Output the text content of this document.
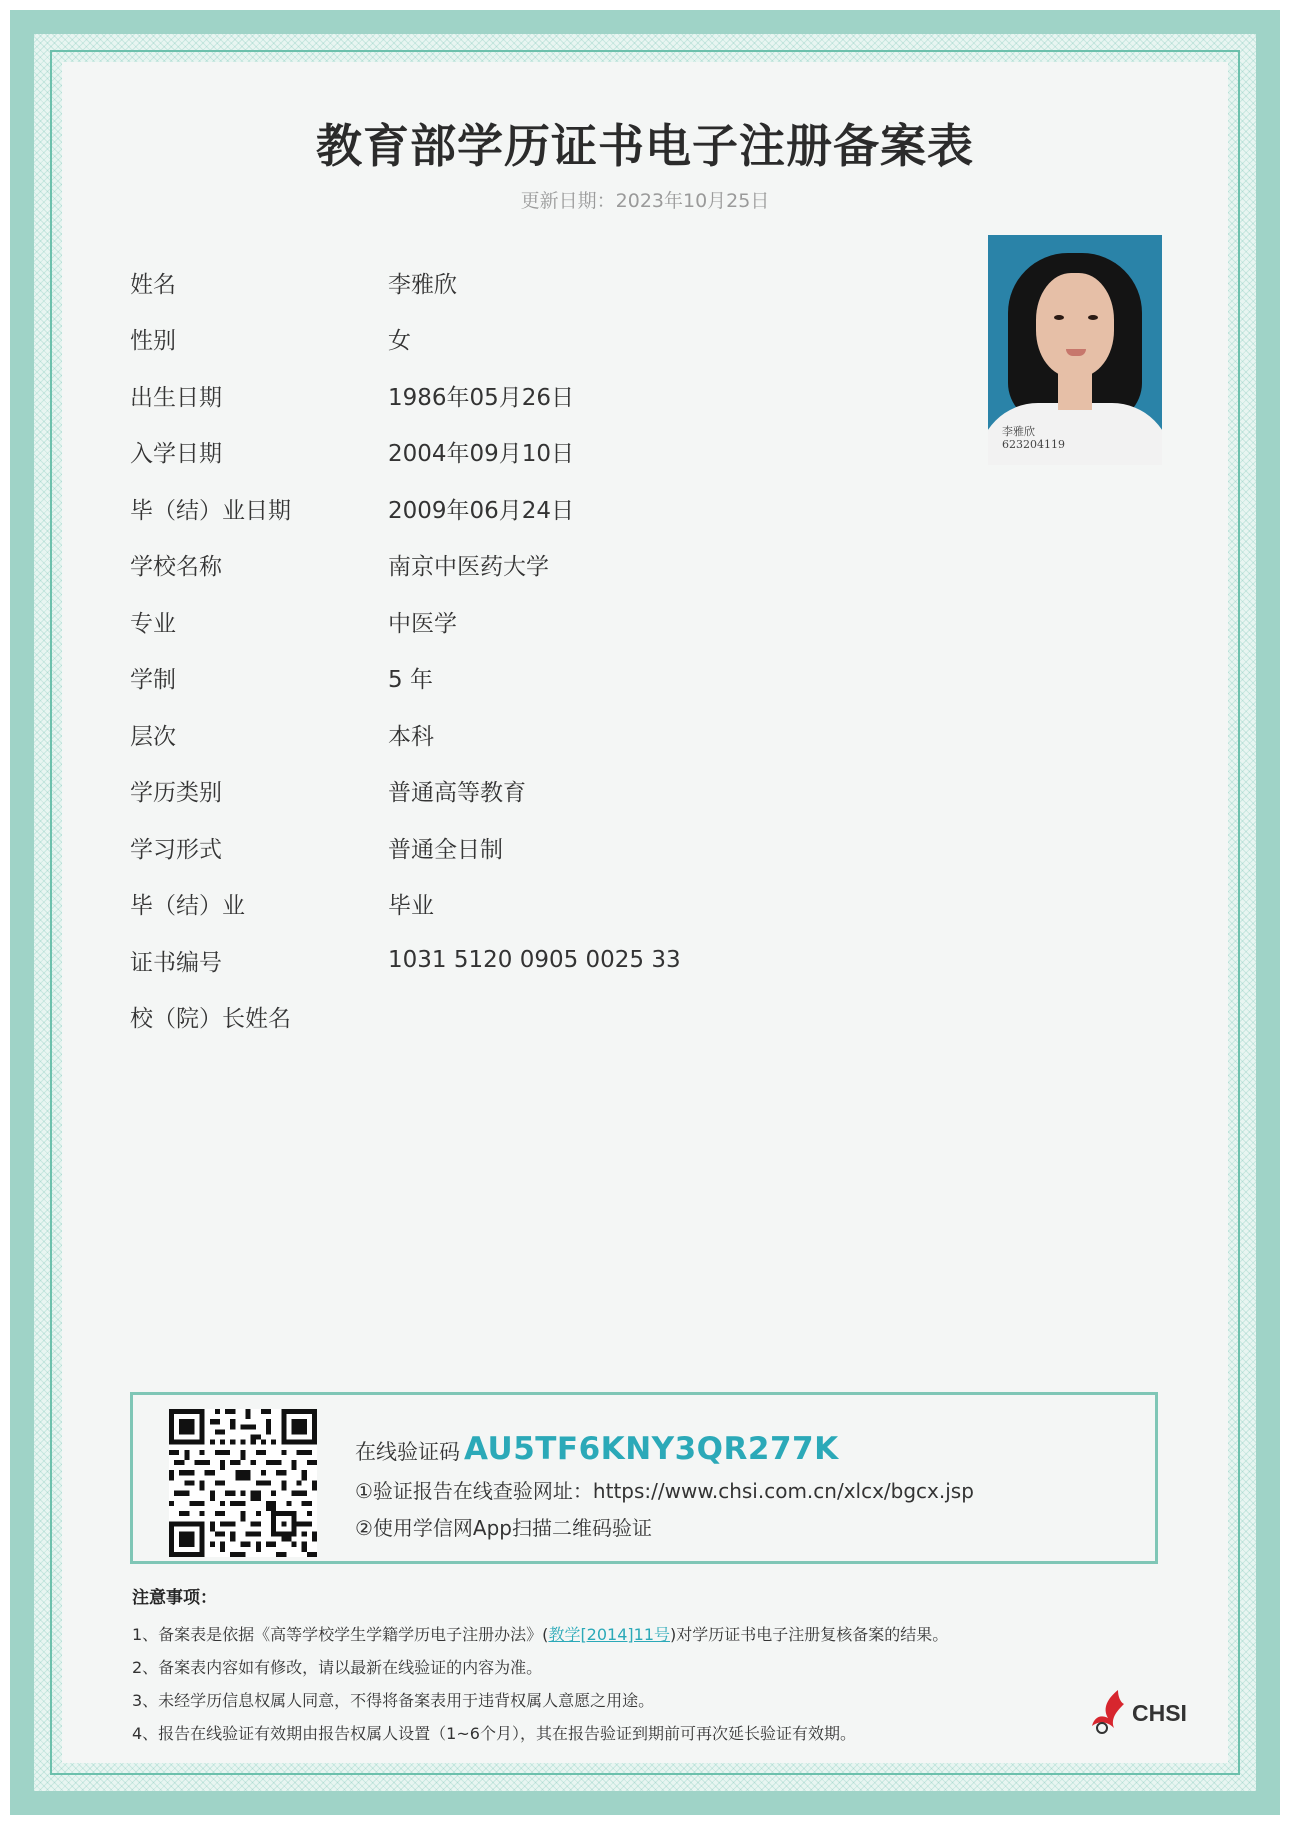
教育部学历证书电子注册备案表
更新日期：2023年10月25日
姓名	李雅欣
性别	女
出生日期	1986年05月26日
入学日期	2004年09月10日
毕（结）业日期	2009年06月24日
学校名称	南京中医药大学
专业	中医学
学制	5 年
层次	本科
学历类别	普通高等教育
学习形式	普通全日制
毕（结）业	毕业
证书编号	1031 5120 0905 0025 33
校（院）长姓名
李雅欣
623204119
在线验证码 AU5TF6KNY3QR277K
①验证报告在线查验网址：https://www.chsi.com.cn/xlcx/bgcx.jsp
②使用学信网App扫描二维码验证
注意事项：
1、备案表是依据《高等学校学生学籍学历电子注册办法》(教学[2014]11号)对学历证书电子注册复核备案的结果。
2、备案表内容如有修改，请以最新在线验证的内容为准。
3、未经学历信息权属人同意，不得将备案表用于违背权属人意愿之用途。
4、报告在线验证有效期由报告权属人设置（1~6个月），其在报告验证到期前可再次延长验证有效期。
CHSI
